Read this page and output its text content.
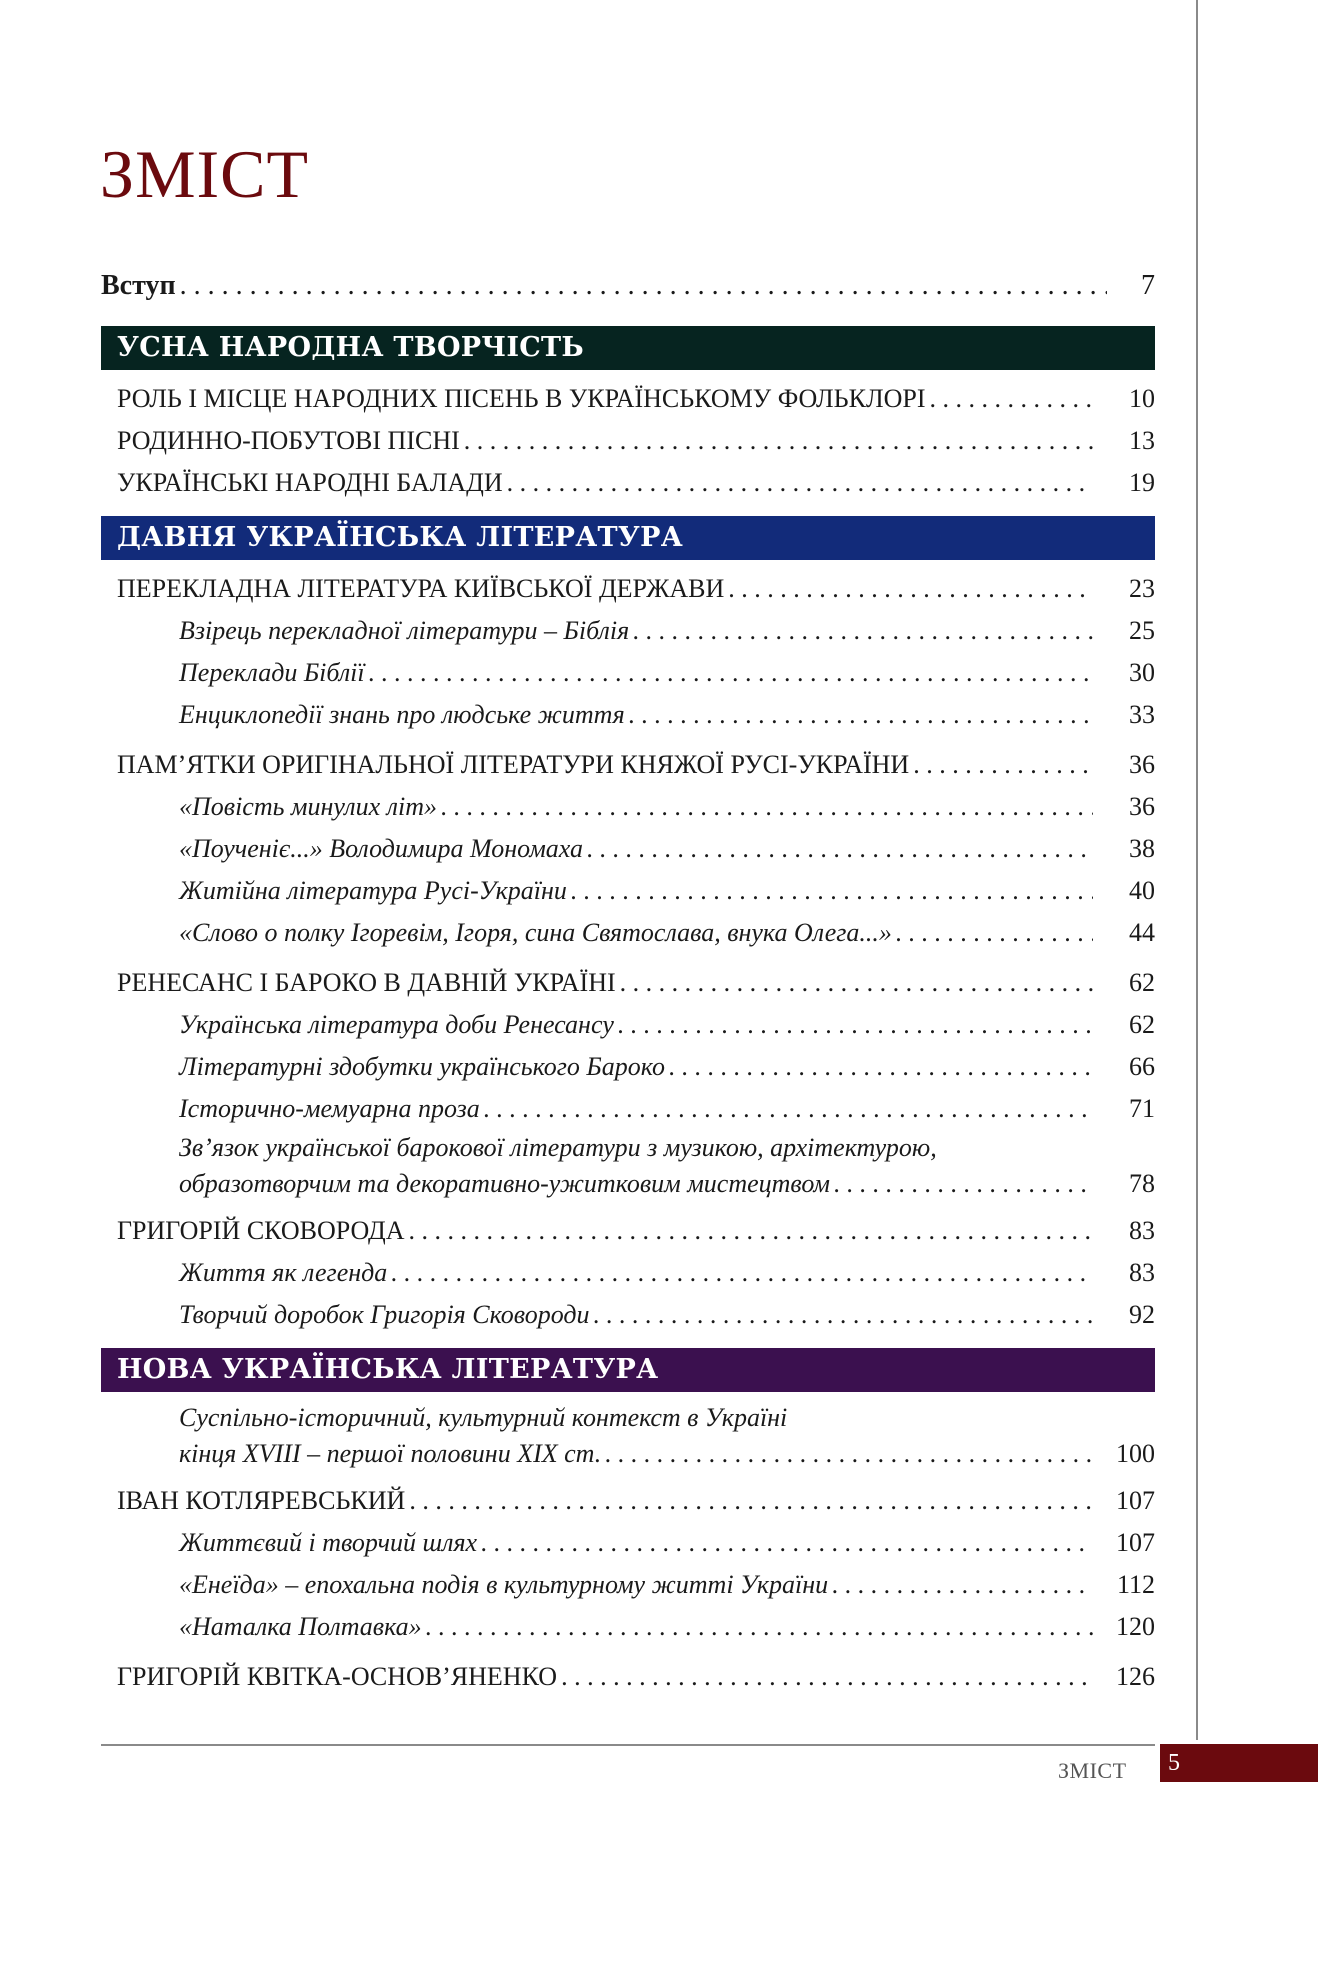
ЗМІСТ
Вступ . . .	7
УСНА НАРОДНА ТВОРЧІСТЬ
РОЛЬ І МІСЦЕ НАРОДНИХ ПІСЕНЬ В УКРАЇНСЬКОМУ ФОЛЬКЛОРІ . . .	10
РОДИННО-ПОБУТОВІ ПІСНІ . . .	13
УКРАЇНСЬКІ НАРОДНІ БАЛАДИ . . .	19
ДАВНЯ УКРАЇНСЬКА ЛІТЕРАТУРА
ПЕРЕКЛАДНА ЛІТЕРАТУРА КИЇВСЬКОЇ ДЕРЖАВИ . . .	23
Взірець перекладної літератури – Біблія . . .	25
Переклади Біблії . . .	30
Енциклопедії знань про людське життя . . .	33
ПАМ’ЯТКИ ОРИГІНАЛЬНОЇ ЛІТЕРАТУРИ КНЯЖОЇ РУСІ-УКРАЇНИ . . .	36
«Повість минулих літ» . . .	36
«Поученіє...» Володимира Мономаха . . .	38
Житійна література Русі-України . . .	40
«Слово о полку Ігоревім, Ігоря, сина Святослава, внука Олега...» . . .	44
РЕНЕСАНС І БАРОКО В ДАВНІЙ УКРАЇНІ . . .	62
Українська література доби Ренесансу . . .	62
Літературні здобутки українського Бароко . . .	66
Історично-мемуарна проза . . .	71
Зв’язок української барокової літератури з музикою, архітектурою,
образотворчим та декоративно-ужитковим мистецтвом . . .	78
ГРИГОРІЙ СКОВОРОДА . . .	83
Життя як легенда . . .	83
Творчий доробок Григорія Сковороди . . .	92
НОВА УКРАЇНСЬКА ЛІТЕРАТУРА
Суспільно-історичний, культурний контекст в Україні
кінця XVIII – першої половини ХІХ ст. . . .	100
ІВАН КОТЛЯРЕВСЬКИЙ . . .	107
Життєвий і творчий шлях . . .	107
«Енеїда» – епохальна подія в культурному житті України . . .	112
«Наталка Полтавка» . . .	120
ГРИГОРІЙ КВІТКА-ОСНОВ’ЯНЕНКО . . .	126
ЗМІСТ 5
